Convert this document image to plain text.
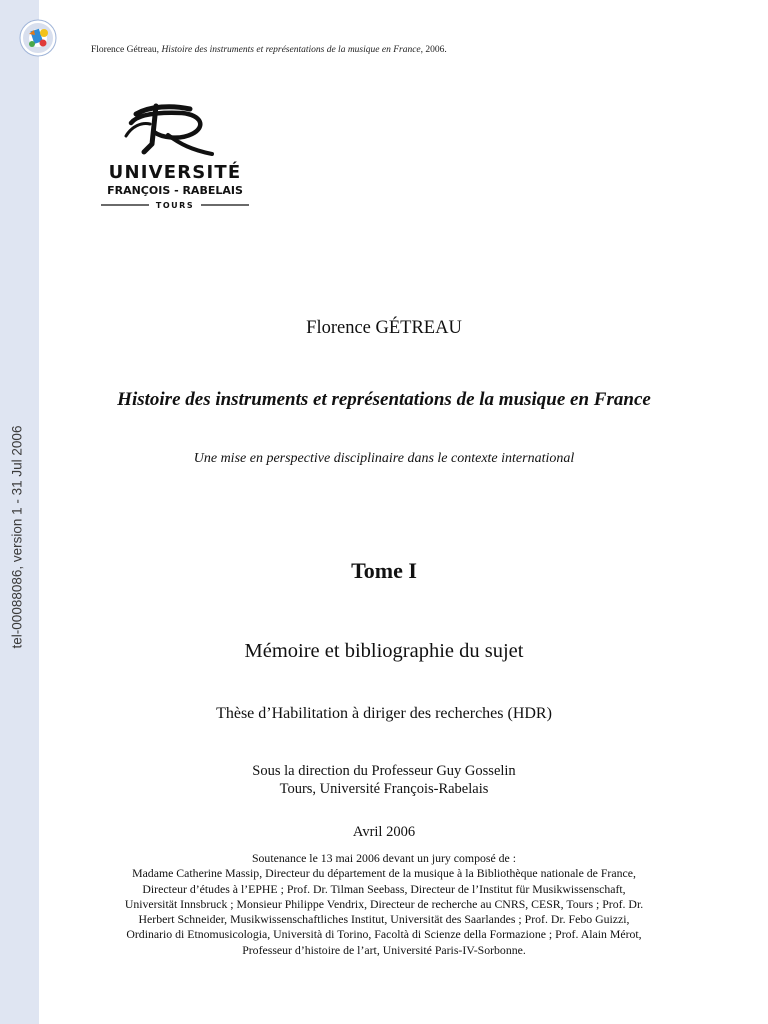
tel-00088086, version 1 - 31 Jul 2006
Florence Gétreau, Histoire des instruments et représentations de la musique en France, 2006.
UNIVERSITÉ
FRANÇOIS - RABELAIS
TOURS
Florence GÉTREAU
Histoire des instruments et représentations de la musique en France
Une mise en perspective disciplinaire dans le contexte international
Tome I
Mémoire et bibliographie du sujet
Thèse d’Habilitation à diriger des recherches (HDR)
Sous la direction du Professeur Guy Gosselin
Tours, Université François-Rabelais
Avril 2006
Soutenance le 13 mai 2006 devant un jury composé de :
Madame Catherine Massip, Directeur du département de la musique à la Bibliothèque nationale de France,
Directeur d’études à l’EPHE ; Prof. Dr. Tilman Seebass, Directeur de l’Institut für Musikwissenschaft,
Universität Innsbruck ; Monsieur Philippe Vendrix, Directeur de recherche au CNRS, CESR, Tours ; Prof. Dr.
Herbert Schneider, Musikwissenschaftliches Institut, Universität des Saarlandes ; Prof. Dr. Febo Guizzi,
Ordinario di Etnomusicologia, Università di Torino, Facoltà di Scienze della Formazione ; Prof. Alain Mérot,
Professeur d’histoire de l’art, Université Paris-IV-Sorbonne.
